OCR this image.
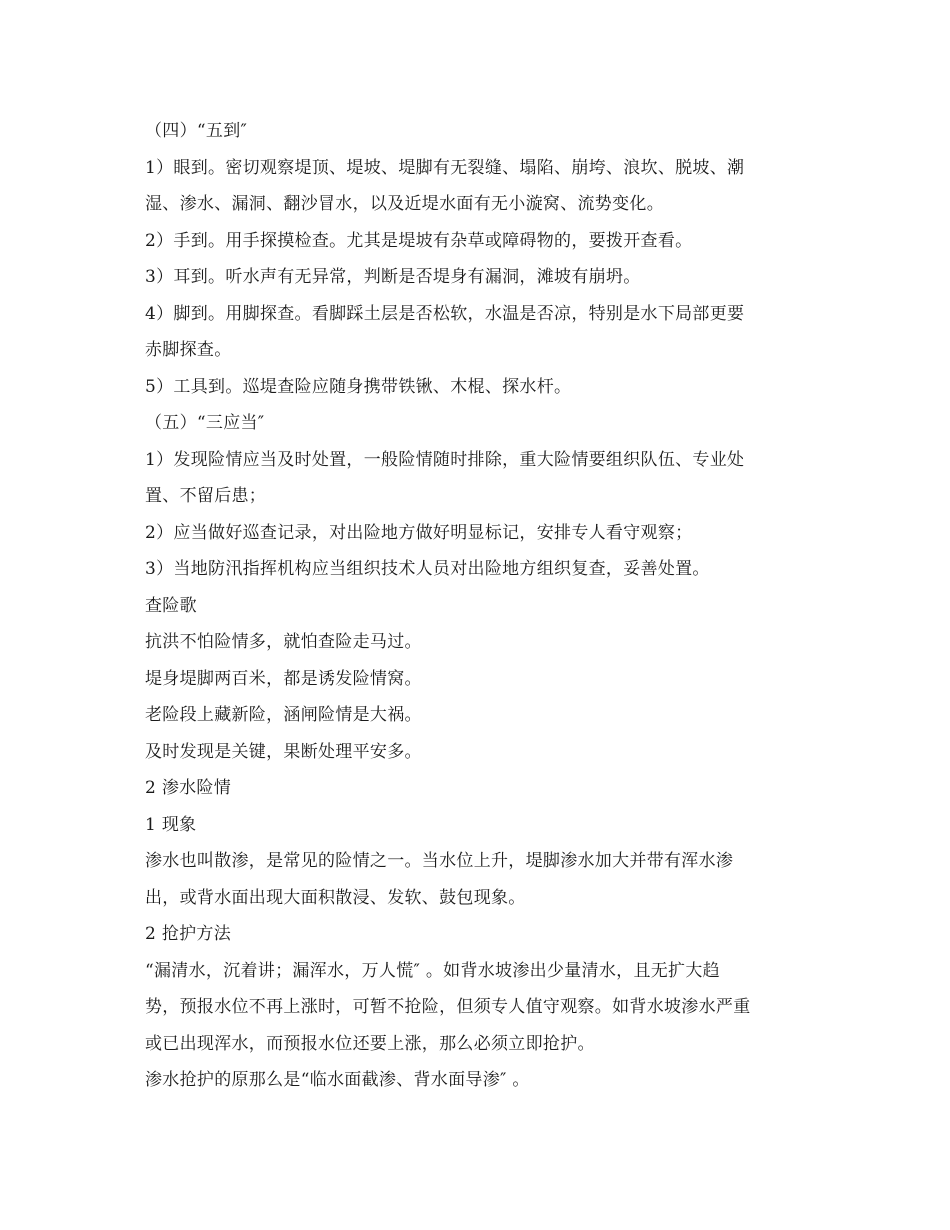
（四）“五到″
1）眼到。密切观察堤顶、堤坡、堤脚有无裂缝、塌陷、崩垮、浪坎、脱坡、潮
湿、渗水、漏洞、翻沙冒水，以及近堤水面有无小漩窝、流势变化。
2）手到。用手探摸检查。尤其是堤坡有杂草或障碍物的，要拨开查看。
3）耳到。听水声有无异常，判断是否堤身有漏洞，滩坡有崩坍。
4）脚到。用脚探查。看脚踩土层是否松软，水温是否凉，特别是水下局部更要
赤脚探查。
5）工具到。巡堤查险应随身携带铁锹、木棍、探水杆。
（五）“三应当″
1）发现险情应当及时处置，一般险情随时排除，重大险情要组织队伍、专业处
置、不留后患；
2）应当做好巡查记录，对出险地方做好明显标记，安排专人看守观察；
3）当地防汛指挥机构应当组织技术人员对出险地方组织复查，妥善处置。
查险歌
抗洪不怕险情多，就怕查险走马过。
堤身堤脚两百米，都是诱发险情窝。
老险段上藏新险，涵闸险情是大祸。
及时发现是关键，果断处理平安多。
2 渗水险情
1 现象
渗水也叫散渗，是常见的险情之一。当水位上升，堤脚渗水加大并带有浑水渗
出，或背水面出现大面积散浸、发软、鼓包现象。
2 抢护方法
“漏清水，沉着讲；漏浑水，万人慌″ 。如背水坡渗出少量清水，且无扩大趋
势，预报水位不再上涨时，可暂不抢险，但须专人值守观察。如背水坡渗水严重
或已出现浑水，而预报水位还要上涨，那么必须立即抢护。
渗水抢护的原那么是“临水面截渗、背水面导渗″ 。
